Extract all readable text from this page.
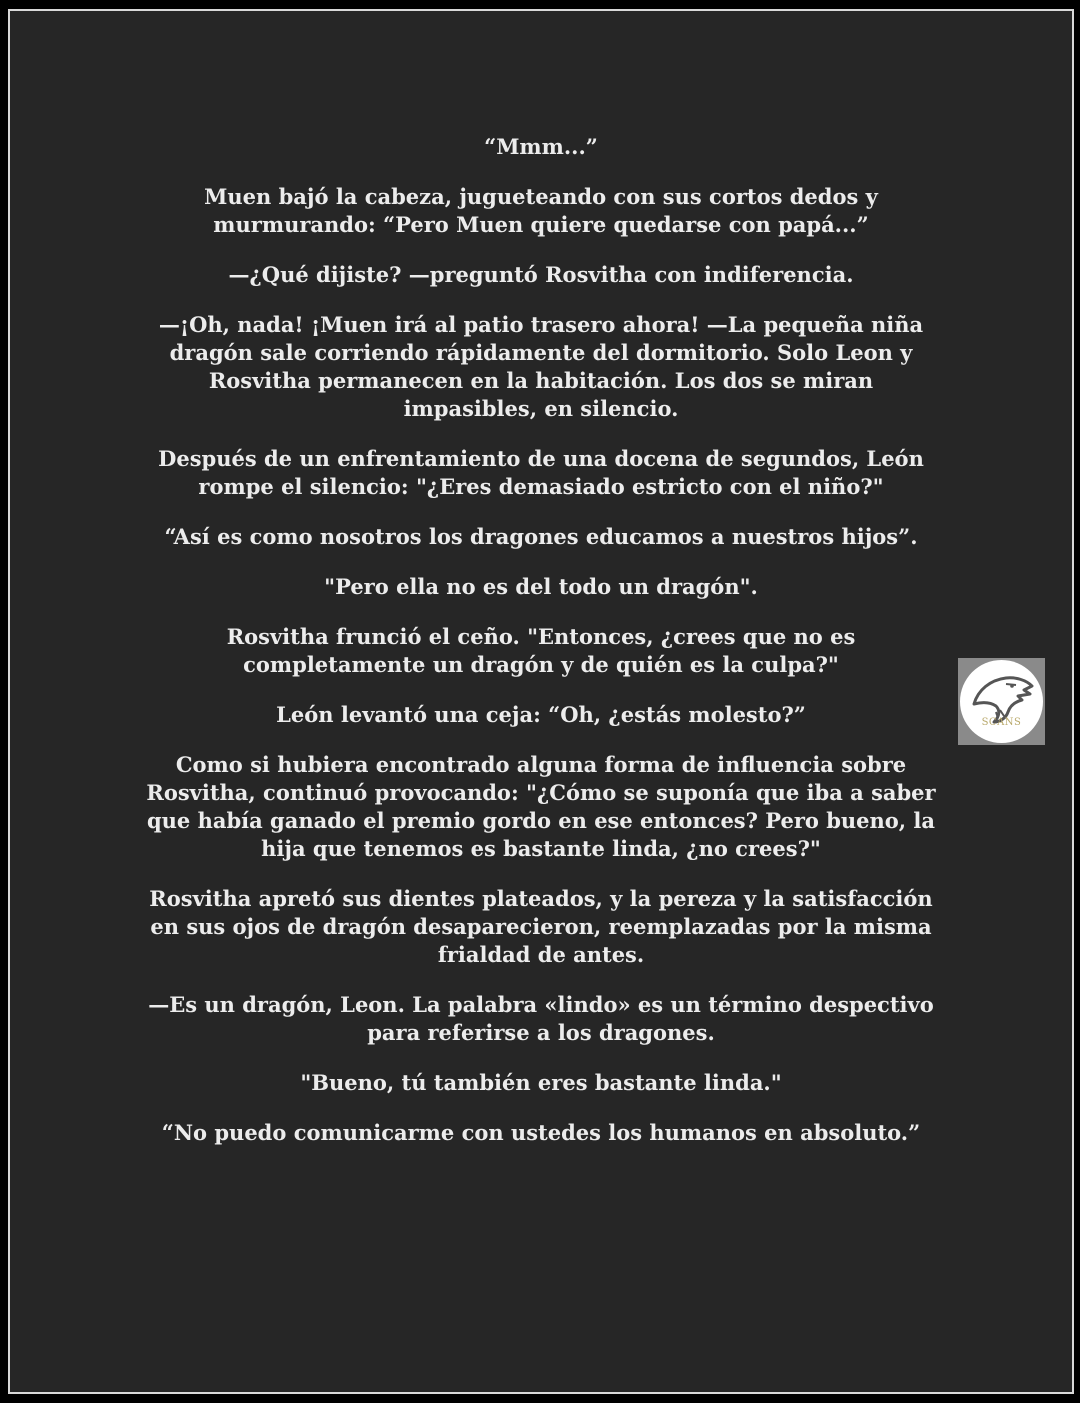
“Mmm...”

Muen bajó la cabeza, jugueteando con sus cortos dedos y murmurando: “Pero Muen quiere quedarse con papá...”

—¿Qué dijiste? —preguntó Rosvitha con indiferencia.

—¡Oh, nada! ¡Muen irá al patio trasero ahora! —La pequeña niña dragón sale corriendo rápidamente del dormitorio. Solo Leon y Rosvitha permanecen en la habitación. Los dos se miran impasibles, en silencio.

Después de un enfrentamiento de una docena de segundos, León rompe el silencio: "¿Eres demasiado estricto con el niño?"

“Así es como nosotros los dragones educamos a nuestros hijos”.

"Pero ella no es del todo un dragón".

Rosvitha frunció el ceño. "Entonces, ¿crees que no es completamente un dragón y de quién es la culpa?"

León levantó una ceja: “Oh, ¿estás molesto?”

Como si hubiera encontrado alguna forma de influencia sobre Rosvitha, continuó provocando: "¿Cómo se suponía que iba a saber que había ganado el premio gordo en ese entonces? Pero bueno, la hija que tenemos es bastante linda, ¿no crees?"

Rosvitha apretó sus dientes plateados, y la pereza y la satisfacción en sus ojos de dragón desaparecieron, reemplazadas por la misma frialdad de antes.

—Es un dragón, Leon. La palabra «lindo» es un término despectivo para referirse a los dragones.

"Bueno, tú también eres bastante linda."

“No puedo comunicarme con ustedes los humanos en absoluto.”

SCANS
